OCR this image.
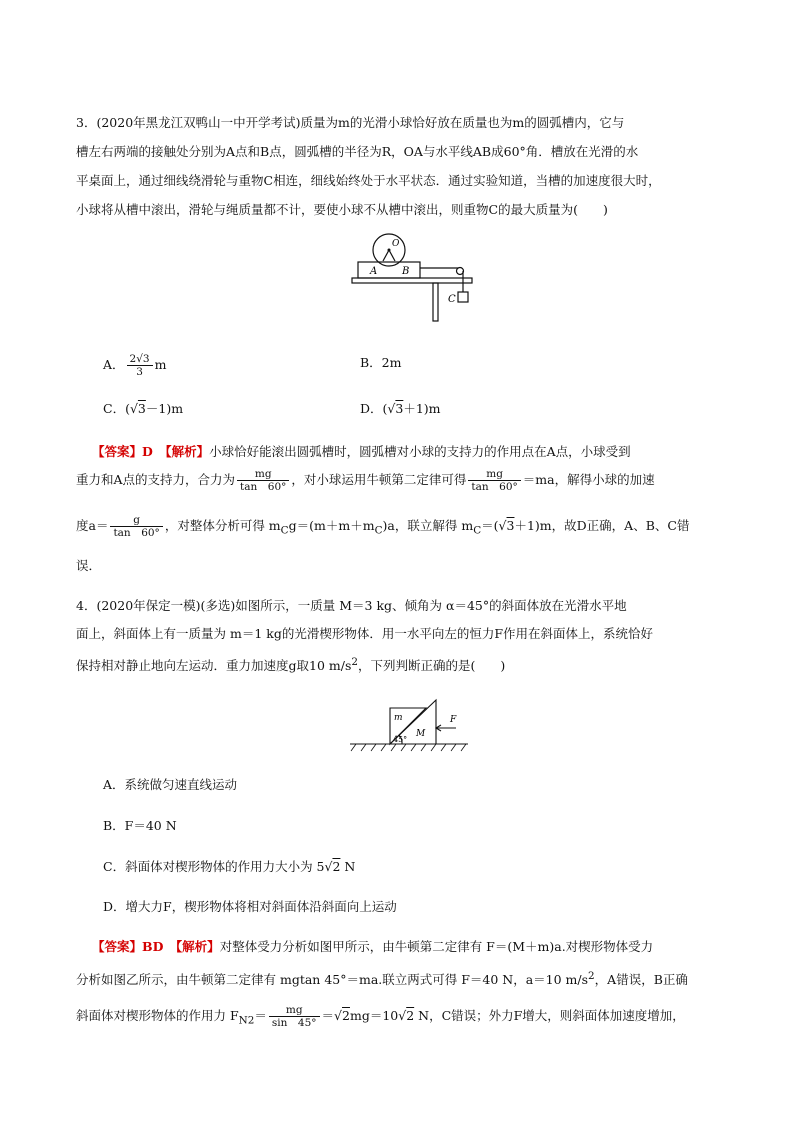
3．(2020年黑龙江双鸭山一中开学考试)质量为m的光滑小球恰好放在质量也为m的圆弧槽内，它与
槽左右两端的接触处分别为A点和B点，圆弧槽的半径为R，OA与水平线AB成60°角．槽放在光滑的水
平桌面上，通过细线绕滑轮与重物C相连，细线始终处于水平状态．通过实验知道，当槽的加速度很大时，
小球将从槽中滚出，滑轮与绳质量都不计，要使小球不从槽中滚出，则重物C的最大质量为(　　)
A B
O
C
A． $\frac{2√3}{3}$ m	B．2m
C．(√3－1)m	D．(√3＋1)m
【答案】D　 【解析】小球恰好能滚出圆弧槽时，圆弧槽对小球的支持力的作用点在A点，小球受到
重力和A点的支持力，合力为 $\frac{mg}{\tan 60^\circ}$ ，对小球运用牛顿第二定律可得 $\frac{mg}{\tan 60^\circ} =ma$，解得小球的加速
度$a= \frac{g}{\tan 60^\circ}$ ，对整体分析可得 $m_Cg=(m+m+m_C)a$，联立解得 $m_C=(√3+1)m$，故D正确，A、B、C错
误．
4．(2020年保定一模)(多选)如图所示，一质量 M＝3 kg、倾角为 α＝45°的斜面体放在光滑水平地
面上，斜面体上有一质量为 m＝1 kg的光滑楔形物体．用一水平向左的恒力F作用在斜面体上，系统恰好
保持相对静止地向左运动．重力加速度g取10 $m/s^2$，下列判断正确的是(　　)
m
M
F
45°
A．系统做匀速直线运动
B．F＝40 N
C．斜面体对楔形物体的作用力大小为 5√2 N
D．增大力F，楔形物体将相对斜面体沿斜面向上运动
【答案】BD　 【解析】对整体受力分析如图甲所示，由牛顿第二定律有 F＝(M＋m)a.对楔形物体受力
分析如图乙所示，由牛顿第二定律有 mgtan 45°＝ma.联立两式可得 F＝40 N，a＝10 $m/s^2$，A错误，B正确
斜面体对楔形物体的作用力 $F_{N2}= \frac{mg}{\sin 45^\circ} =√2mg=10√2$ N，C错误；外力F增大，则斜面体加速度增加，
